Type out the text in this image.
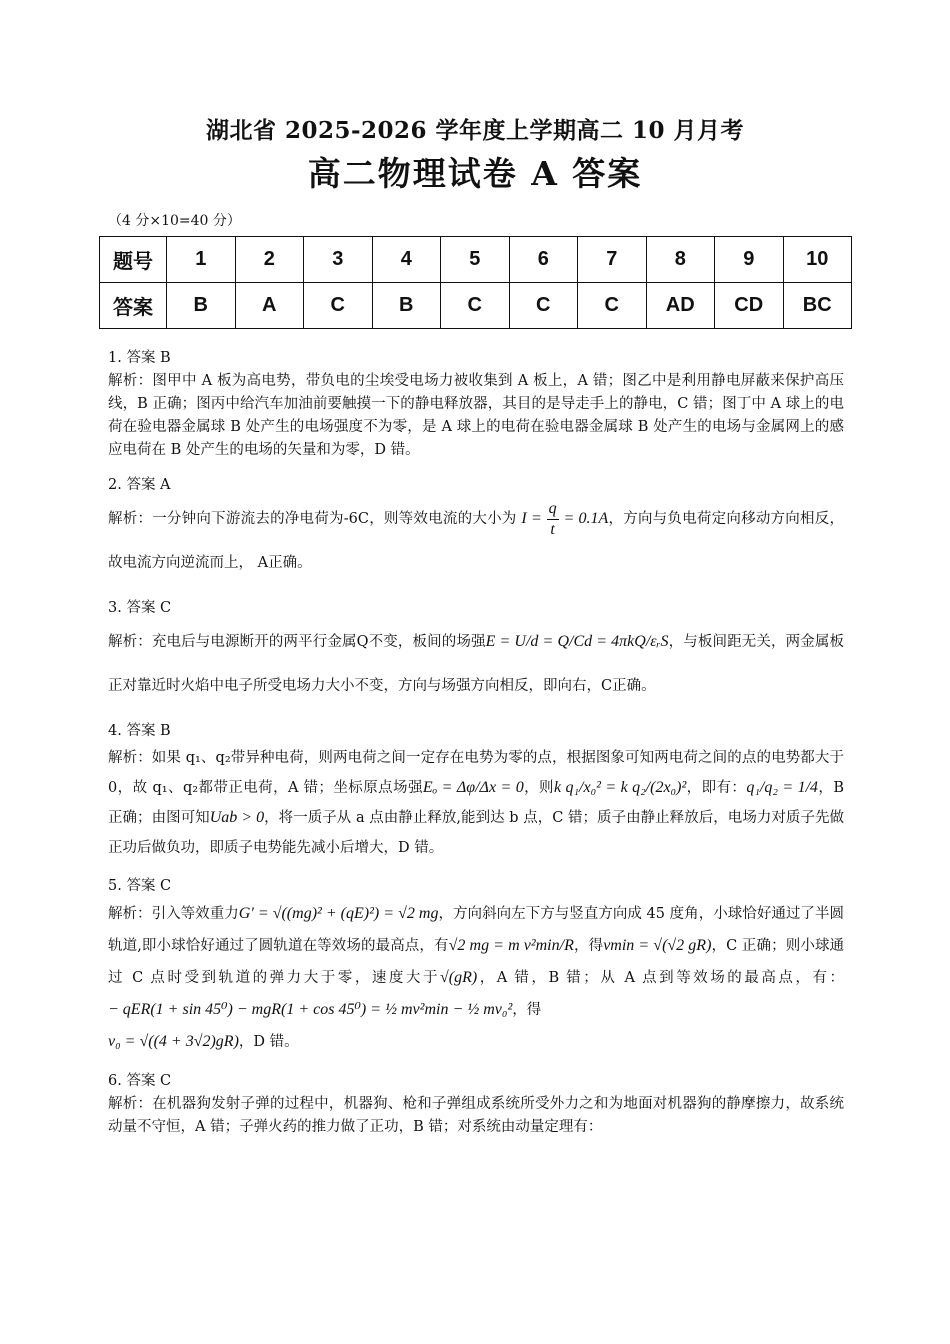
湖北省 2025-2026 学年度上学期高二 10 月月考
高二物理试卷 A 答案
（4 分×10=40 分）
题号	1	2	3	4	5	6	7	8	9	10
答案	B	A	C	B	C	C	C	AD	CD	BC
1. 答案 B
解析：图甲中 A 板为高电势，带负电的尘埃受电场力被收集到 A 板上，A 错；图乙中是利用静电屏蔽来保护高压线，B 正确；图丙中给汽车加油前要触摸一下的静电释放器，其目的是导走手上的静电，C 错；图丁中 A 球上的电荷在验电器金属球 B 处产生的电场强度不为零，是 A 球上的电荷在验电器金属球 B 处产生的电场与金属网上的感应电荷在 B 处产生的电场的矢量和为零，D 错。
2. 答案 A
解析：一分钟向下游流去的净电荷为-6C，则等效电流的大小为 $I = \frac{q}{t} = 0.1A$，方向与负电荷定向移动方向相反，故电流方向逆流而上， A正确。
3. 答案 C
解析：充电后与电源断开的两平行金属Q不变，板间的场强E = U/d = Q/Cd = 4πkQ/εᵣS，与板间距无关，两金属板正对靠近时火焰中电子所受电场力大小不变，方向与场强方向相反，即向右，C正确。
4. 答案 B
解析：如果 q₁、q₂带异种电荷，则两电荷之间一定存在电势为零的点，根据图象可知两电荷之间的点的电势都大于 0，故 q₁、q₂都带正电荷，A 错；坐标原点场强Eₒ = Δφ/Δx = 0，则k q₁/x₀² = k q₂/(2x₀)²，即有：q₁/q₂ = 1/4，B 正确；由图可知Uab > 0，将一质子从 a 点由静止释放,能到达 b 点，C 错；质子由静止释放后，电场力对质子先做正功后做负功，即质子电势能先减小后增大，D 错。
5. 答案 C
解析：引入等效重力G′ = √((mg)² + (qE)²) = √2 mg，方向斜向左下方与竖直方向成 45 度角，小球恰好通过了半圆轨道,即小球恰好通过了圆轨道在等效场的最高点，有√2 mg = m v²min/R，得vmin = √(√2 gR)，C 正确；则小球通过 C 点时受到轨道的弹力大于零，速度大于√(gR)，A 错，B 错；从 A 点到等效场的最高点，有：− qER(1 + sin 45⁰) − mgR(1 + cos 45⁰) = ½ mv²min − ½ mv₀²，得
v₀ = √((4 + 3√2)gR)，D 错。
6. 答案 C
解析：在机器狗发射子弹的过程中，机器狗、枪和子弹组成系统所受外力之和为地面对机器狗的静摩擦力，故系统动量不守恒，A 错；子弹火药的推力做了正功，B 错；对系统由动量定理有：
